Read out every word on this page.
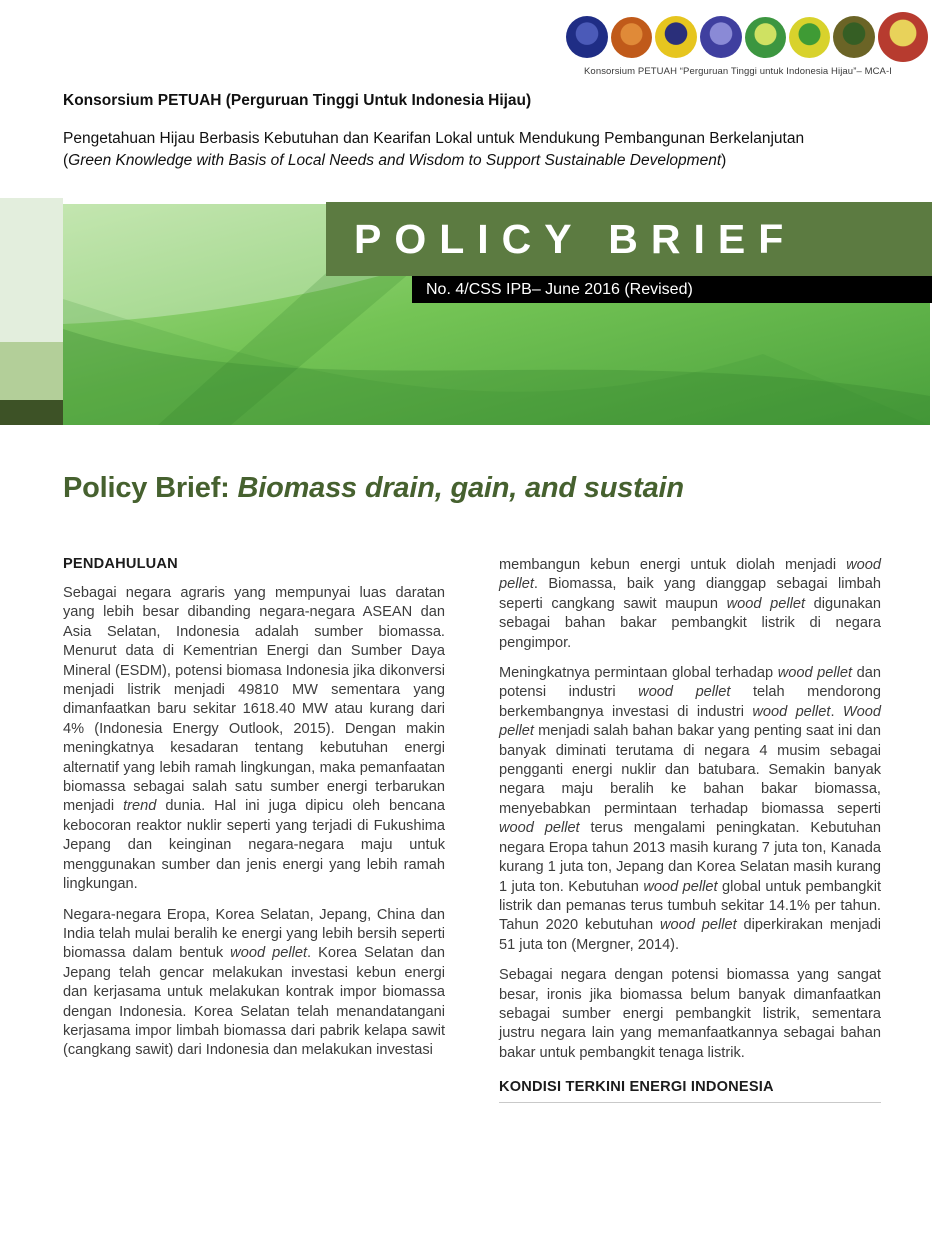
Konsorsium PETUAH “Perguruan Tinggi untuk Indonesia Hijau”– MCA-I
Konsorsium PETUAH (Perguruan Tinggi Untuk Indonesia Hijau)

Pengetahuan Hijau Berbasis Kebutuhan dan Kearifan Lokal untuk Mendukung Pembangunan Berkelanjutan
(Green Knowledge with Basis of Local Needs and Wisdom to Support Sustainable Development)

POLICY BRIEF
No. 4/CSS IPB– June 2016 (Revised)
Policy Brief: Biomass drain, gain, and sustain
PENDAHULUAN

Sebagai negara agraris yang mempunyai luas daratan yang lebih besar dibanding negara-negara ASEAN dan Asia Selatan, Indonesia adalah sumber biomassa. Menurut data di Kementrian Energi dan Sumber Daya Mineral (ESDM), potensi biomasa Indonesia jika dikonversi menjadi listrik menjadi 49810 MW sementara yang dimanfaatkan baru sekitar 1618.40 MW atau kurang dari 4% (Indonesia Energy Outlook, 2015). Dengan makin meningkatnya kesadaran tentang kebutuhan energi alternatif yang lebih ramah lingkungan, maka pemanfaatan biomassa sebagai salah satu sumber energi terbarukan menjadi trend dunia. Hal ini juga dipicu oleh bencana kebocoran reaktor nuklir seperti yang terjadi di Fukushima Jepang dan keinginan negara-negara maju untuk menggunakan sumber dan jenis energi yang lebih ramah lingkungan.

Negara-negara Eropa, Korea Selatan, Jepang, China dan India telah mulai beralih ke energi yang lebih bersih seperti biomassa dalam bentuk wood pellet. Korea Selatan dan Jepang telah gencar melakukan investasi kebun energi dan kerjasama untuk melakukan kontrak impor biomassa dengan Indonesia. Korea Selatan telah menandatangani kerjasama impor limbah biomassa dari pabrik kelapa sawit (cangkang sawit) dari Indonesia dan melakukan investasi

membangun kebun energi untuk diolah menjadi wood pellet. Biomassa, baik yang dianggap sebagai limbah seperti cangkang sawit maupun wood pellet digunakan sebagai bahan bakar pembangkit listrik di negara pengimpor.

Meningkatnya permintaan global terhadap wood pellet dan potensi industri wood pellet telah mendorong berkembangnya investasi di industri wood pellet. Wood pellet menjadi salah bahan bakar yang penting saat ini dan banyak diminati terutama di negara 4 musim sebagai pengganti energi nuklir dan batubara. Semakin banyak negara maju beralih ke bahan bakar biomassa, menyebabkan permintaan terhadap biomassa seperti wood pellet terus mengalami peningkatan. Kebutuhan negara Eropa tahun 2013 masih kurang 7 juta ton, Kanada kurang 1 juta ton, Jepang dan Korea Selatan masih kurang 1 juta ton. Kebutuhan wood pellet global untuk pembangkit listrik dan pemanas terus tumbuh sekitar 14.1% per tahun. Tahun 2020 kebutuhan wood pellet diperkirakan menjadi 51 juta ton (Mergner, 2014).

Sebagai negara dengan potensi biomassa yang sangat besar, ironis jika biomassa belum banyak dimanfaatkan sebagai sumber energi pembangkit listrik, sementara justru negara lain yang memanfaatkannya sebagai bahan bakar untuk pembangkit tenaga listrik.

KONDISI TERKINI ENERGI INDONESIA
